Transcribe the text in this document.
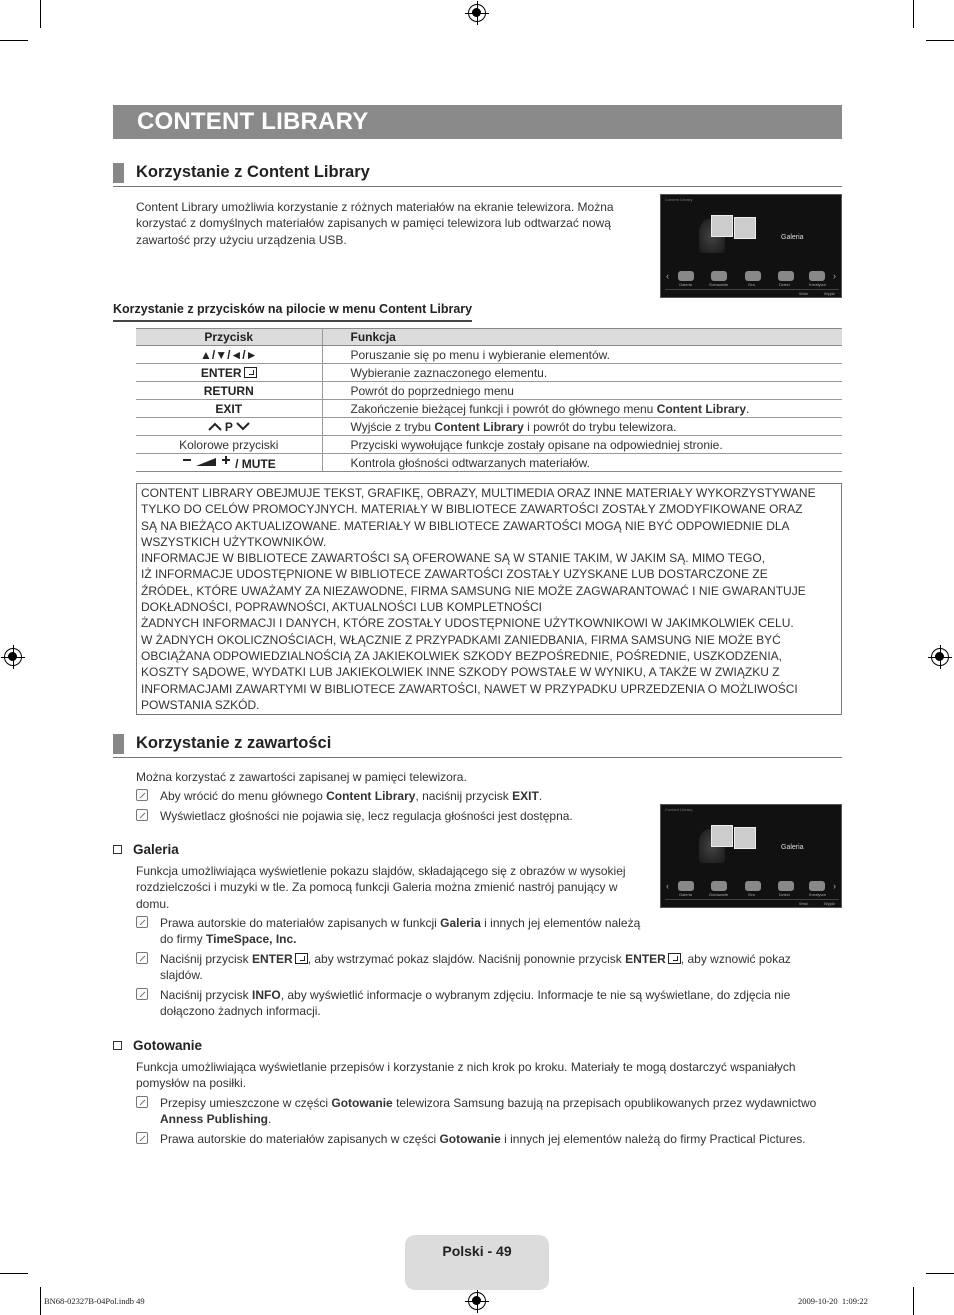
CONTENT LIBRARY
Korzystanie z Content Library
Content Library umożliwia korzystanie z różnych materiałów na ekranie telewizora. Można
korzystać z domyślnych materiałów zapisanych w pamięci telewizora lub odtwarzać nową
zawartość przy użyciu urządzenia USB.
Content Library
Galeria
‹	›
Galeria	Gotowanie	Gra	Dzieci	Kreatywa
Wróć	Wyjdź
Korzystanie z przycisków na pilocie w menu Content Library
Przycisk	Funkcja
▲/▼/◄/►	Poruszanie się po menu i wybieranie elementów.
ENTER	Wybieranie zaznaczonego elementu.
RETURN	Powrót do poprzedniego menu
EXIT	Zakończenie bieżącej funkcji i powrót do głównego menu Content Library.
P	Wyjście z trybu Content Library i powrót do trybu telewizora.
Kolorowe przyciski	Przyciski wywołujące funkcje zostały opisane na odpowiedniej stronie.
/ MUTE	Kontrola głośności odtwarzanych materiałów.
CONTENT LIBRARY OBEJMUJE TEKST, GRAFIKĘ, OBRAZY, MULTIMEDIA ORAZ INNE MATERIAŁY WYKORZYSTYWANE
TYLKO DO CELÓW PROMOCYJNYCH. MATERIAŁY W BIBLIOTECE ZAWARTOŚCI ZOSTAŁY ZMODYFIKOWANE ORAZ
SĄ NA BIEŻĄCO AKTUALIZOWANE. MATERIAŁY W BIBLIOTECE ZAWARTOŚCI MOGĄ NIE BYĆ ODPOWIEDNIE DLA
WSZYSTKICH UŻYTKOWNIKÓW.
INFORMACJE W BIBLIOTECE ZAWARTOŚCI SĄ OFEROWANE SĄ W STANIE TAKIM, W JAKIM SĄ. MIMO TEGO,
IŻ INFORMACJE UDOSTĘPNIONE W BIBLIOTECE ZAWARTOŚCI ZOSTAŁY UZYSKANE LUB DOSTARCZONE ZE
ŹRÓDEŁ, KTÓRE UWAŻAMY ZA NIEZAWODNE, FIRMA SAMSUNG NIE MOŻE ZAGWARANTOWAĆ I NIE GWARANTUJE
DOKŁADNOŚCI, POPRAWNOŚCI, AKTUALNOŚCI LUB KOMPLETNOŚCI
ŻADNYCH INFORMACJI I DANYCH, KTÓRE ZOSTAŁY UDOSTĘPNIONE UŻYTKOWNIKOWI W JAKIMKOLWIEK CELU.
W ŻADNYCH OKOLICZNOŚCIACH, WŁĄCZNIE Z PRZYPADKAMI ZANIEDBANIA, FIRMA SAMSUNG NIE MOŻE BYĆ
OBCIĄŻANA ODPOWIEDZIALNOŚCIĄ ZA JAKIEKOLWIEK SZKODY BEZPOŚREDNIE, POŚREDNIE, USZKODZENIA,
KOSZTY SĄDOWE, WYDATKI LUB JAKIEKOLWIEK INNE SZKODY POWSTAŁE W WYNIKU, A TAKŻE W ZWIĄZKU Z
INFORMACJAMI ZAWARTYMI W BIBLIOTECE ZAWARTOŚCI, NAWET W PRZYPADKU UPRZEDZENIA O MOŻLIWOŚCI
POWSTANIA SZKÓD.
Korzystanie z zawartości
Można korzystać z zawartości zapisanej w pamięci telewizora.
Aby wrócić do menu głównego Content Library, naciśnij przycisk EXIT.
Wyświetlacz głośności nie pojawia się, lecz regulacja głośności jest dostępna.	Content Library
Galeria
‹	›
Galeria	Gotowanie	Gra	Dzieci	Kreatywa
Wróć	Wyjdź
Galeria
Funkcja umożliwiająca wyświetlenie pokazu slajdów, składającego się z obrazów w wysokiej
rozdzielczości i muzyki w tle. Za pomocą funkcji Galeria można zmienić nastrój panujący w
domu.
Prawa autorskie do materiałów zapisanych w funkcji Galeria i innych jej elementów należą
do firmy TimeSpace, Inc.
Naciśnij przycisk ENTER , aby wstrzymać pokaz slajdów. Naciśnij ponownie przycisk ENTER , aby wznowić pokaz
slajdów.
Naciśnij przycisk INFO, aby wyświetlić informacje o wybranym zdjęciu. Informacje te nie są wyświetlane, do zdjęcia nie
dołączono żadnych informacji.
Gotowanie
Funkcja umożliwiająca wyświetlanie przepisów i korzystanie z nich krok po kroku. Materiały te mogą dostarczyć wspaniałych
pomysłów na posiłki.
Przepisy umieszczone w części Gotowanie telewizora Samsung bazują na przepisach opublikowanych przez wydawnictwo
Anness Publishing.
Prawa autorskie do materiałów zapisanych w części Gotowanie i innych jej elementów należą do firmy Practical Pictures.
Polski - 49
BN68-02327B-04Pol.indb 49	2009-10-20 ⁣⁣ 1:09:22
